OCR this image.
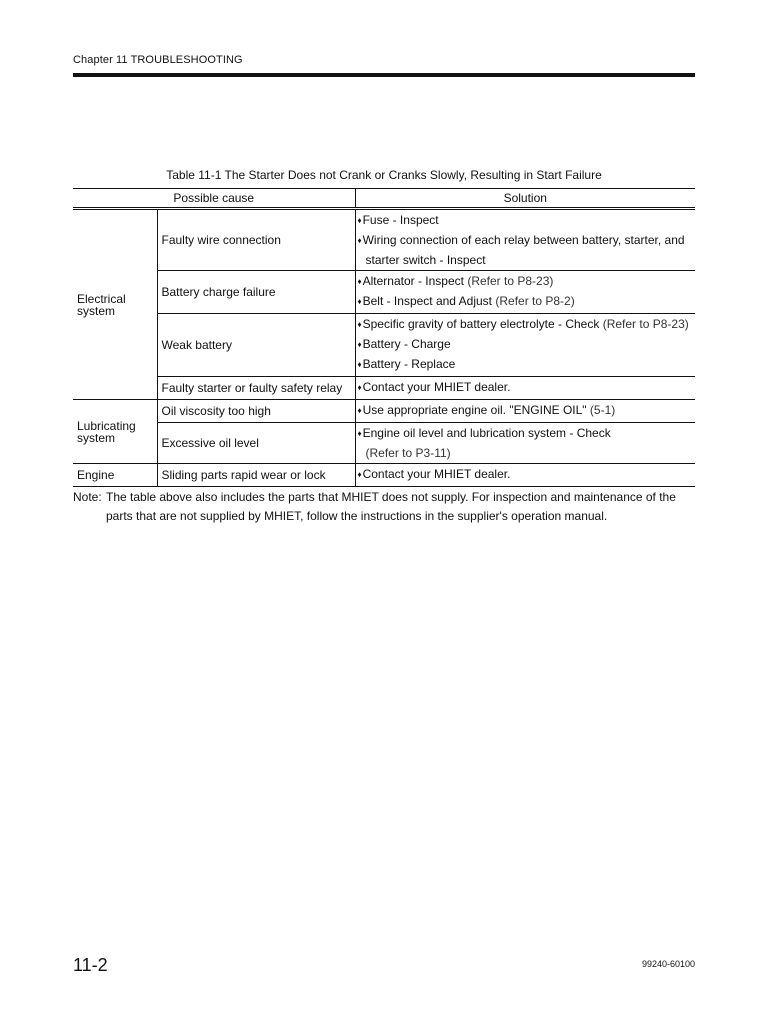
Chapter 11 TROUBLESHOOTING
Table 11-1 The Starter Does not Crank or Cranks Slowly, Resulting in Start Failure
Possible cause		Solution

Electrical
system	Faulty wire connection	♦Fuse - Inspect
♦Wiring connection of each relay between battery, starter, and
starter switch - Inspect

	Battery charge failure	♦Alternator - Inspect (Refer to P8-23)
♦Belt - Inspect and Adjust (Refer to P8-2)

	Weak battery	♦Specific gravity of battery electrolyte - Check (Refer to P8-23)
♦Battery - Charge
♦Battery - Replace

	Faulty starter or faulty safety relay	♦Contact your MHIET dealer.

Lubricating
system	Oil viscosity too high	♦Use appropriate engine oil. "ENGINE OIL" (5-1)

	Excessive oil level	♦Engine oil level and lubrication system - Check
(Refer to P3-11)

Engine	Sliding parts rapid wear or lock	♦Contact your MHIET dealer.
Note: The table above also includes the parts that MHIET does not supply. For inspection and maintenance of the
parts that are not supplied by MHIET, follow the instructions in the supplier's operation manual.
11-2	99240-60100
